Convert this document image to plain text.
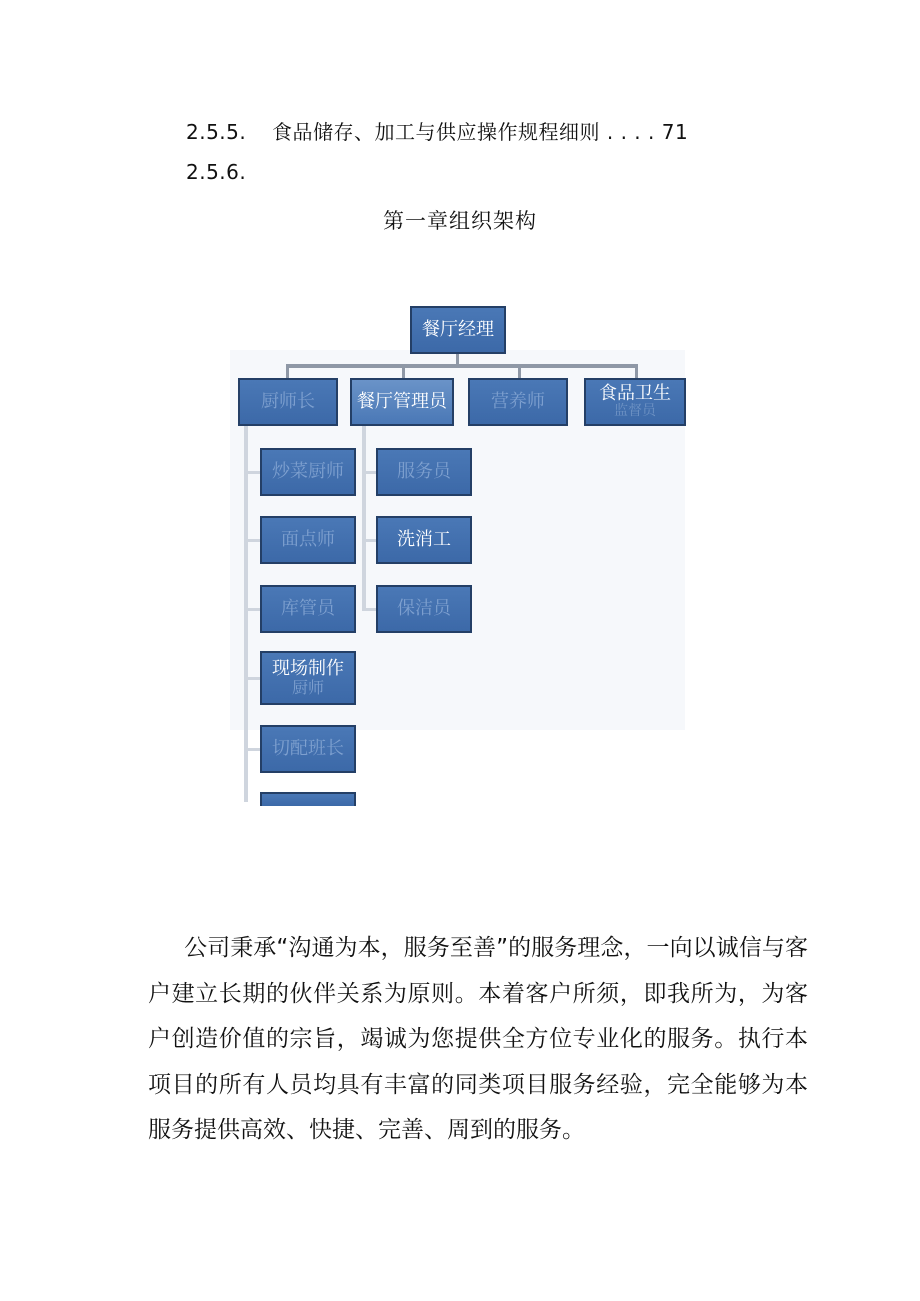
2.5.5. 食品储存、加工与供应操作规程细则 . . . . 71
2.5.6.
第一章组织架构
餐厅经理
厨师长	餐厅管理员	营养师	食品卫生
监督员
炒菜厨师
面点师
库管员
现场制作
厨师
切配班长
服务员
洗消工
保洁员

公司秉承“沟通为本，服务至善”的服务理念，一向以诚信与客户建立长期的伙伴关系为原则。本着客户所须，即我所为，为客户创造价值的宗旨，竭诚为您提供全方位专业化的服务。执行本项目的所有人员均具有丰富的同类项目服务经验，完全能够为本服务提供高效、快捷、完善、周到的服务。
